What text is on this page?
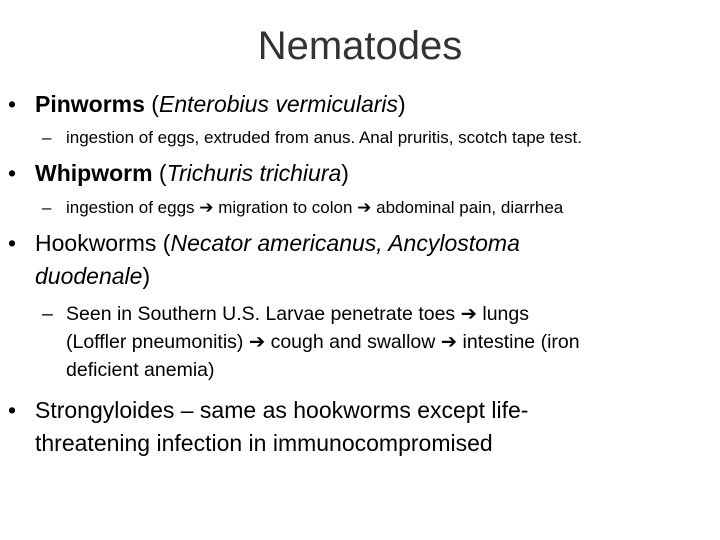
Nematodes
• Pinworms (Enterobius vermicularis)
– ingestion of eggs, extruded from anus. Anal pruritis, scotch tape test.
• Whipworm (Trichuris trichiura)
– ingestion of eggs ➔ migration to colon ➔ abdominal pain, diarrhea
• Hookworms (Necator americanus, Ancylostoma
duodenale)
– Seen in Southern U.S. Larvae penetrate toes ➔ lungs
(Loffler pneumonitis) ➔ cough and swallow ➔ intestine (iron
deficient anemia)
• Strongyloides – same as hookworms except life-
threatening infection in immunocompromised
